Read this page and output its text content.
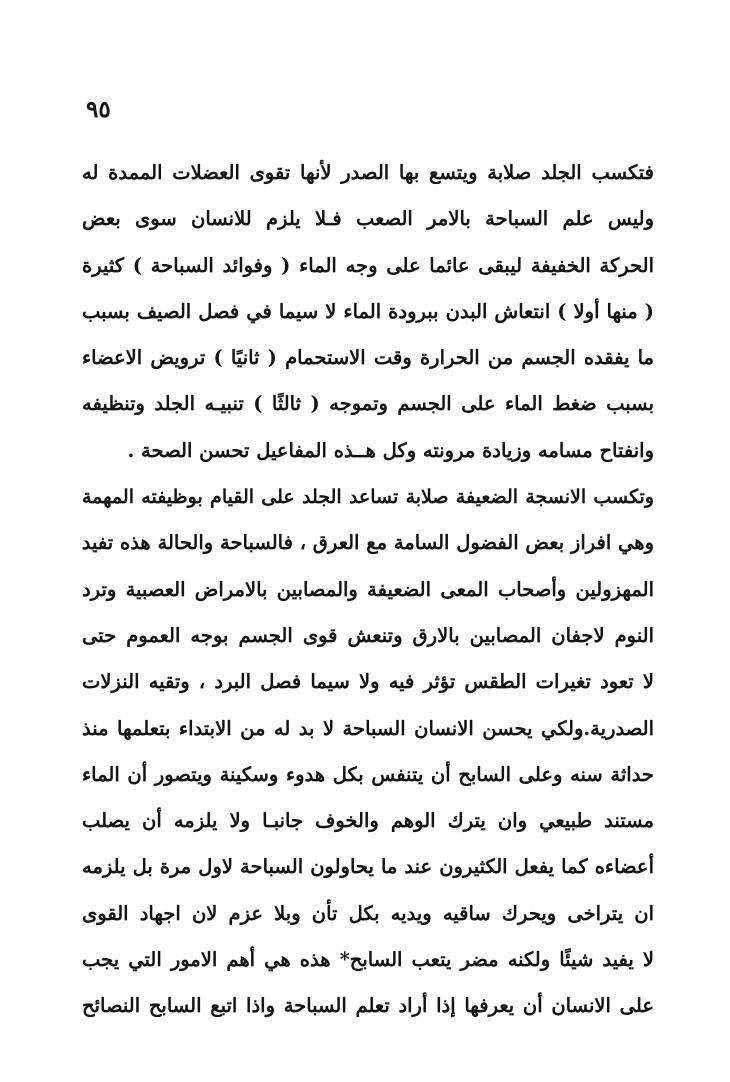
٩٥
فتكسب الجلد صلابة ويتسع بها الصدر لأنها تقوى العضلات الممدة له
وليس علم السباحة بالامر الصعب فـلا يلزم للانسان سوى بعض
الحركة الخفيفة ليبقى عائما على وجه الماء ( وفوائد السباحة ) كثيرة
( منها أولا ) انتعاش البدن ببرودة الماء لا سيما في فصل الصيف بسبب
ما يفقده الجسم من الحرارة وقت الاستحمام ( ثانيًا ) ترويض الاعضاء
بسبب ضغط الماء على الجسم وتموجه ( ثالثًا ) تنبيـه الجلد وتنظيفه
وانفتاح مسامه وزيادة مرونته وكل هــذه المفاعيل تحسن الصحة .
وتكسب الانسجة الضعيفة صلابة تساعد الجلد على القيام بوظيفته المهمة
وهي افراز بعض الفضول السامة مع العرق ، فالسباحة والحالة هذه تفيد
المهزولين وأصحاب المعى الضعيفة والمصابين بالامراض العصبية وترد
النوم لاجفان المصابين بالارق وتنعش قوى الجسم بوجه العموم حتى
لا تعود تغيرات الطقس تؤثر فيه ولا سيما فصل البرد ، وتقيه النزلات
الصدرية.ولكي يحسن الانسان السباحة لا بد له من الابتداء بتعلمها منذ
حداثة سنه وعلى السابح أن يتنفس بكل هدوء وسكينة ويتصور أن الماء
مستند طبيعي وان يترك الوهم والخوف جانبـا ولا يلزمه أن يصلب
أعضاءه كما يفعل الكثيرون عند ما يحاولون السباحة لاول مرة بل يلزمه
ان يتراخى ويحرك ساقيه ويديه بكل تأن وبلا عزم لان اجهاد القوى
لا يفيد شيئًا ولكنه مضر يتعب السابح* هذه هي أهم الامور التي يجب
على الانسان أن يعرفها إذا أراد تعلم السباحة واذا اتبع السابح النصائح
